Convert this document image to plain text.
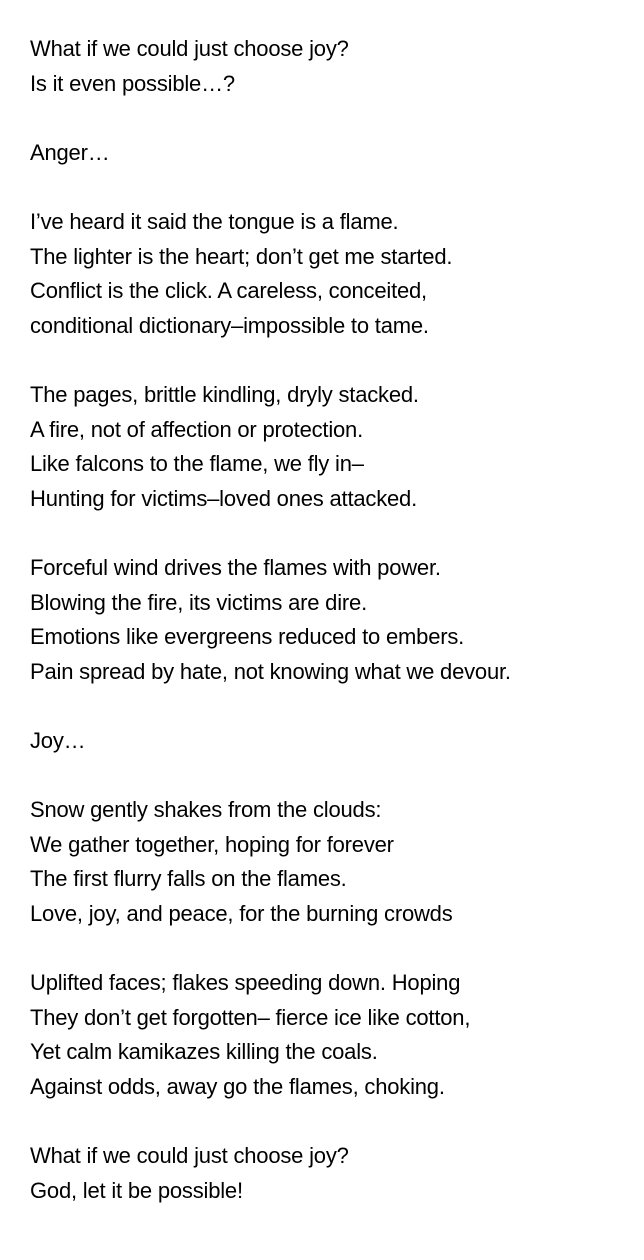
What if we could just choose joy?
Is it even possible…?
Anger…
I’ve heard it said the tongue is a flame.
The lighter is the heart; don’t get me started.
Conflict is the click. A careless, conceited,
conditional dictionary–impossible to tame.
The pages, brittle kindling, dryly stacked.
A fire, not of affection or protection.
Like falcons to the flame, we fly in–
Hunting for victims–loved ones attacked.
Forceful wind drives the flames with power.
Blowing the fire, its victims are dire.
Emotions like evergreens reduced to embers.
Pain spread by hate, not knowing what we devour.
Joy…
Snow gently shakes from the clouds:
We gather together, hoping for forever
The first flurry falls on the flames.
Love, joy, and peace, for the burning crowds
Uplifted faces; flakes speeding down. Hoping
They don’t get forgotten– fierce ice like cotton,
Yet calm kamikazes killing the coals.
Against odds, away go the flames, choking.
What if we could just choose joy?
God, let it be possible!
